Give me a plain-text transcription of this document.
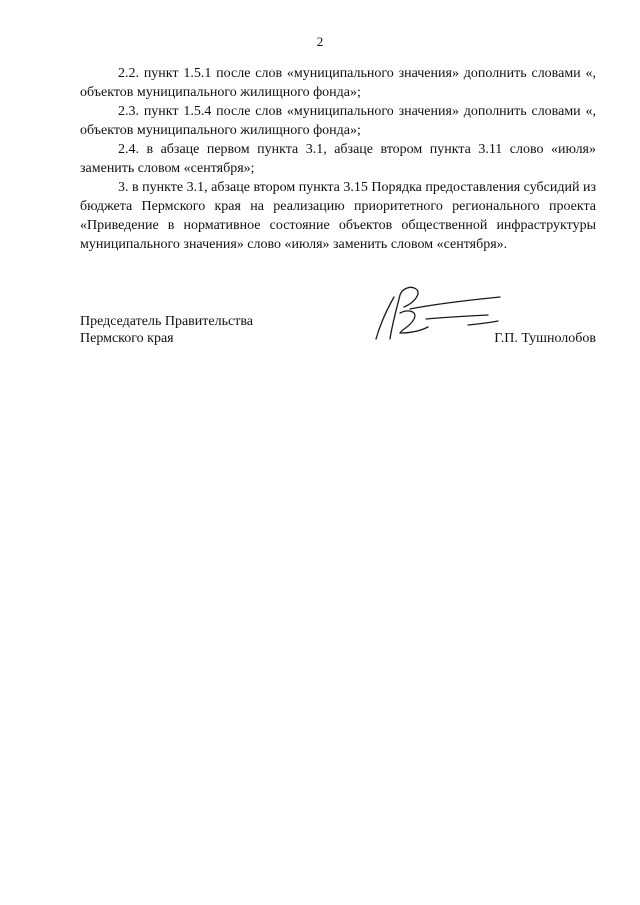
2

2.2. пункт 1.5.1 после слов «муниципального значения» дополнить словами «, объектов муниципального жилищного фонда»;

2.3. пункт 1.5.4 после слов «муниципального значения» дополнить словами «, объектов муниципального жилищного фонда»;

2.4. в абзаце первом пункта 3.1, абзаце втором пункта 3.11 слово «июля» заменить словом «сентября»;

3. в пункте 3.1, абзаце втором пункта 3.15 Порядка предоставления субсидий из бюджета Пермского края на реализацию приоритетного регионального проекта «Приведение в нормативное состояние объектов общественной инфраструктуры муниципального значения» слово «июля» заменить словом «сентября».

Председатель Правительства
Пермского края	Г.П. Тушнолобов
